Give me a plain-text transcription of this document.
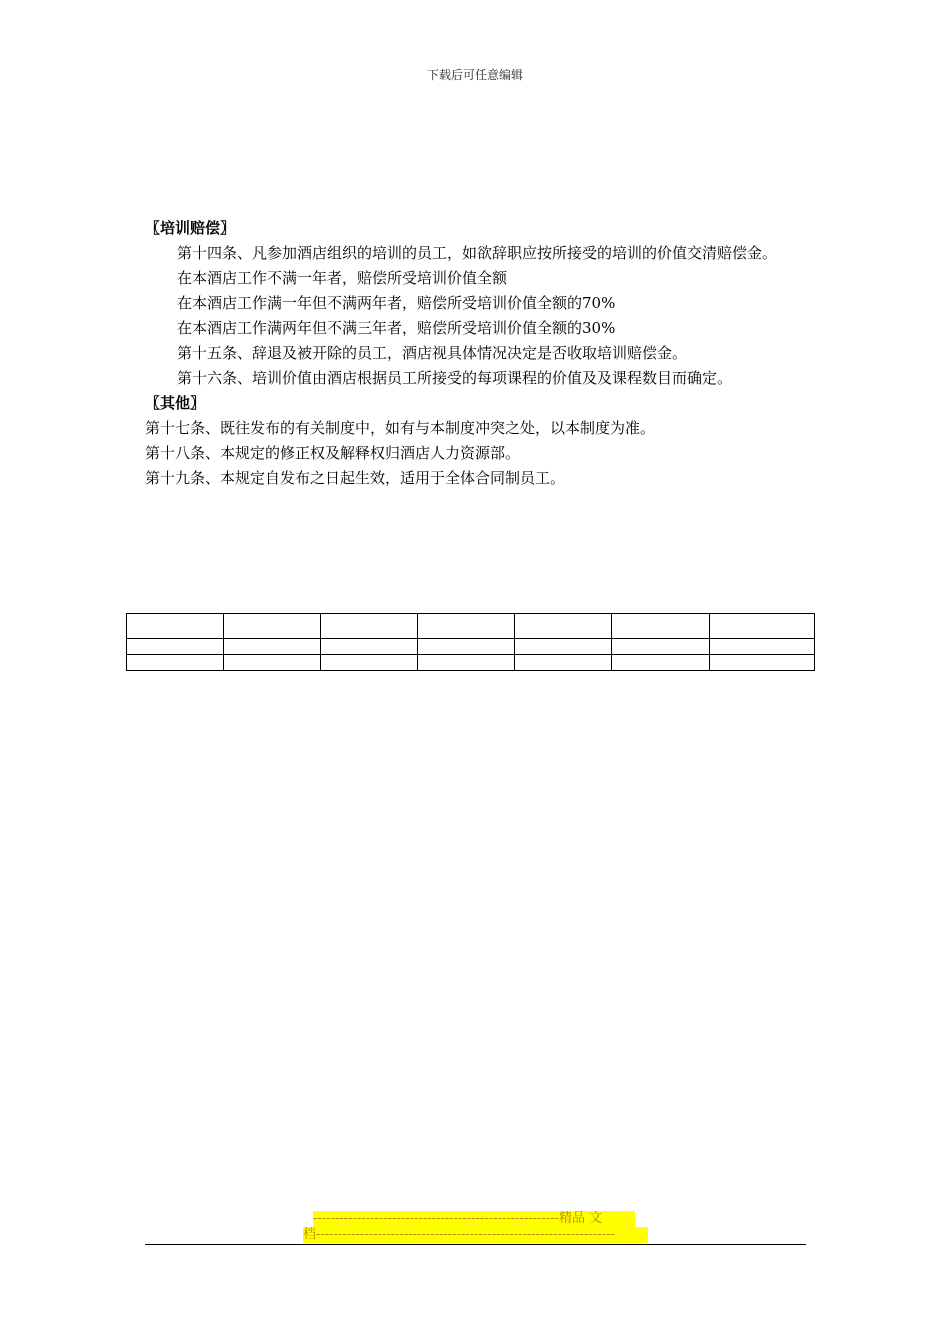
下载后可任意编辑
〖培训赔偿〗
第十四条、凡参加酒店组织的培训的员工，如欲辞职应按所接受的培训的价值交清赔偿金。
在本酒店工作不满一年者，赔偿所受培训价值全额
在本酒店工作满一年但不满两年者，赔偿所受培训价值全额的70%
在本酒店工作满两年但不满三年者，赔偿所受培训价值全额的30%
第十五条、辞退及被开除的员工，酒店视具体情况决定是否收取培训赔偿金。
第十六条、培训价值由酒店根据员工所接受的每项课程的价值及及课程数目而确定。
〖其他〗
第十七条、既往发布的有关制度中，如有与本制度冲突之处，以本制度为准。
第十八条、本规定的修正权及解释权归酒店人力资源部。
第十九条、本规定自发布之日起生效，适用于全体合同制员工。

--------------------------------------------------------精品 文
档--------------------------------------------------------------------
